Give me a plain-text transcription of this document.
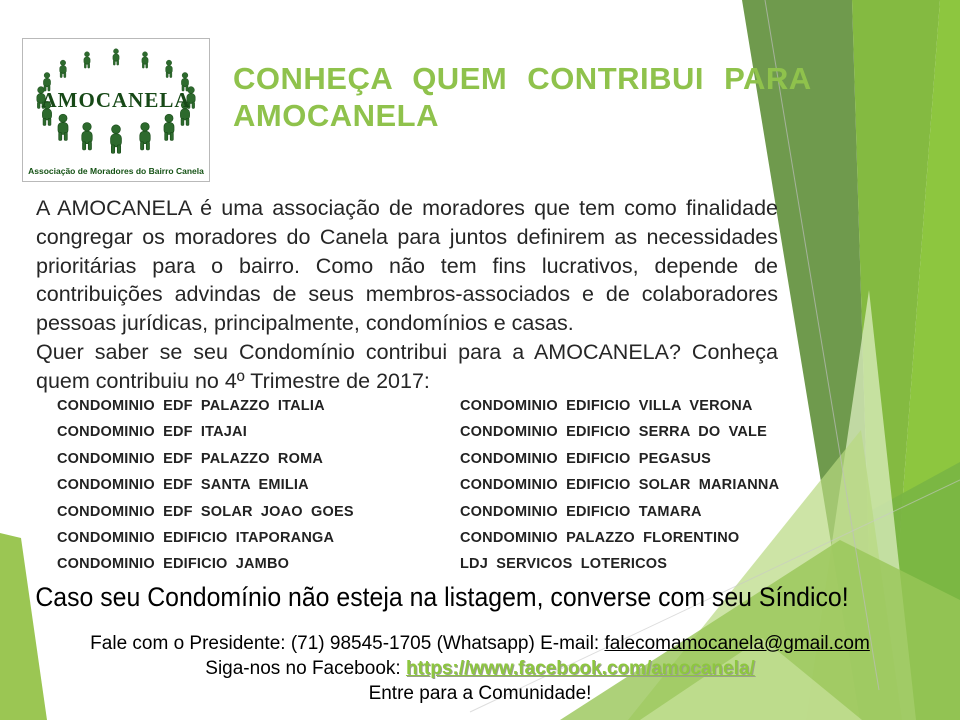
AMOCANELA
Associação de Moradores do Bairro Canela
CONHEÇA QUEM CONTRIBUI PARA
AMOCANELA

A AMOCANELA é uma associação de moradores que tem como finalidade congregar os moradores do Canela para juntos definirem as necessidades prioritárias para o bairro. Como não tem fins lucrativos, depende de contribuições advindas de seus membros-associados e de colaboradores pessoas jurídicas, principalmente, condomínios e casas.

Quer saber se seu Condomínio contribui para a AMOCANELA? Conheça quem contribuiu no 4º Trimestre de 2017:

CONDOMINIO EDF PALAZZO ITALIA
CONDOMINIO EDF ITAJAI
CONDOMINIO EDF PALAZZO ROMA
CONDOMINIO EDF SANTA EMILIA
CONDOMINIO EDF SOLAR JOAO GOES
CONDOMINIO EDIFICIO ITAPORANGA
CONDOMINIO EDIFICIO JAMBO
CONDOMINIO EDIFICIO VILLA VERONA
CONDOMINIO EDIFICIO SERRA DO VALE
CONDOMINIO EDIFICIO PEGASUS
CONDOMINIO EDIFICIO SOLAR MARIANNA
CONDOMINIO EDIFICIO TAMARA
CONDOMINIO PALAZZO FLORENTINO
LDJ SERVICOS LOTERICOS
Caso seu Condomínio não esteja na listagem, converse com seu Síndico!
Fale com o Presidente: (71) 98545-1705 (Whatsapp) E-mail: falecomamocanela@gmail.com
Siga-nos no Facebook: https://www.facebook.com/amocanela/
Entre para a Comunidade!
